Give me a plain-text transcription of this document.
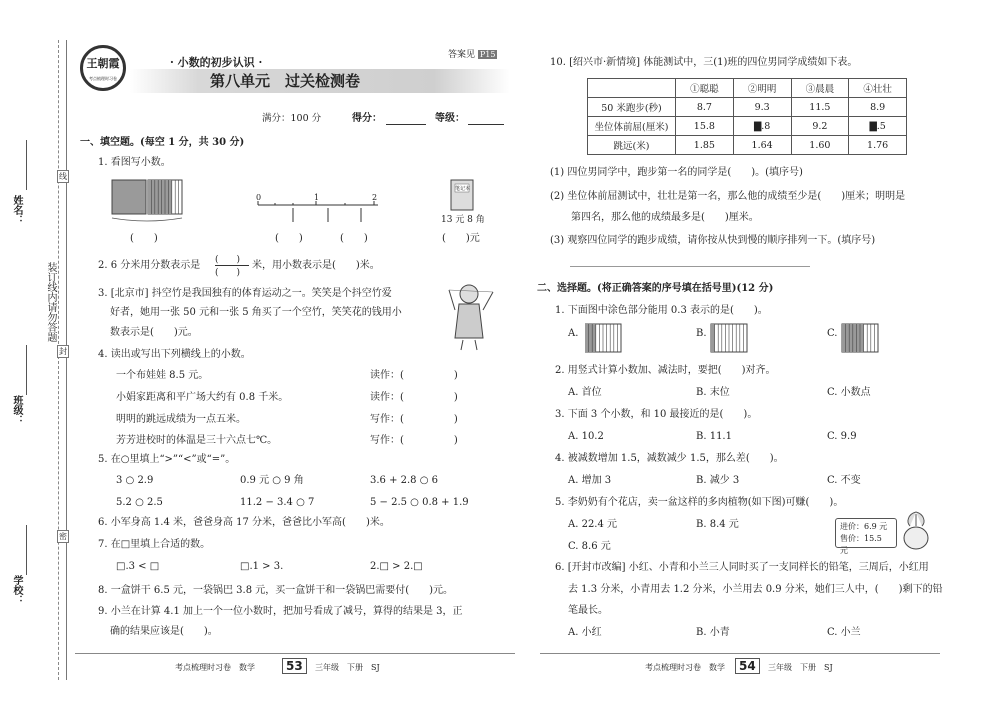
姓名：
班级：
学校：
装订线内请勿答题
线
封
密
王朝霞
考点梳理时习卷
· 小数的初步认识 ·
第八单元　过关检测卷
答案见 P15
满分：100 分	得分：	等级：
一、填空题。(每空 1 分，共 30 分)
1. 看图写小数。
0	1	2
笔记本
13 元 8 角
(　　)	(　　)	(　　)	(　　)元
2. 6 分米用分数表示是 (　　)
(　　)
米，用小数表示是(　　)米。
3. [北京市] 抖空竹是我国独有的体育运动之一。笑笑是个抖空竹爱
好者，她用一张 50 元和一张 5 角买了一个空竹，笑笑花的钱用小
数表示是(　　)元。
4. 读出或写出下列横线上的小数。
一个布娃娃 8.5 元。	读作：(　　　　　)
小娟家距离和平广场大约有 0.8 千米。	读作：(　　　　　)
明明的跳远成绩为一点五米。	写作：(　　　　　)
芳芳进校时的体温是三十六点七℃。	写作：(　　　　　)
5. 在○里填上“>”“<”或“=”。
3 ○ 2.9	0.9 元 ○ 9 角	3.6 + 2.8 ○ 6
5.2 ○ 2.5	11.2 − 3.4 ○ 7	5 − 2.5 ○ 0.8 + 1.9
6. 小军身高 1.4 米，爸爸身高 17 分米，爸爸比小军高(　　)米。
7. 在□里填上合适的数。
□.3 < □	□.1 > 3.	2.□ > 2.□
8. 一盒饼干 6.5 元，一袋锅巴 3.8 元，买一盒饼干和一袋锅巴需要付(　　)元。
9. 小兰在计算 4.1 加上一个一位小数时，把加号看成了减号，算得的结果是 3，正
确的结果应该是(　　)。
考点梳理时习卷　数学	53	三年级　下册　SJ
10. [绍兴市·新情境] 体能测试中，三(1)班的四位男同学成绩如下表。
	①聪聪	②明明	③晨晨	④壮壮
50 米跑步(秒)	8.7	9.3	11.5	8.9
坐位体前屈(厘米)	15.8	▇.8	9.2	▇.5
跳远(米)	1.85	1.64	1.60	1.76
(1) 四位男同学中，跑步第一名的同学是(　　)。(填序号)
(2) 坐位体前屈测试中，壮壮是第一名，那么他的成绩至少是(　　)厘米；明明是
第四名，那么他的成绩最多是(　　)厘米。
(3) 观察四位同学的跑步成绩，请你按从快到慢的顺序排列一下。(填序号)
二、选择题。(将正确答案的序号填在括号里)(12 分)
1. 下面图中涂色部分能用 0.3 表示的是(　　)。
A.	B.	C.
2. 用竖式计算小数加、减法时，要把(　　)对齐。
A. 首位	B. 末位	C. 小数点
3. 下面 3 个小数，和 10 最接近的是(　　)。
A. 10.2	B. 11.1	C. 9.9
4. 被减数增加 1.5，减数减少 1.5，那么差(　　)。
A. 增加 3	B. 减少 3	C. 不变
5. 李奶奶有个花店，卖一盆这样的多肉植物(如下图)可赚(　　)。
A. 22.4 元	B. 8.4 元
C. 8.6 元
进价：6.9 元
售价：15.5 元
6. [开封市改编] 小红、小青和小兰三人同时买了一支同样长的铅笔，三周后，小红用
去 1.3 分米，小青用去 1.2 分米，小兰用去 0.9 分米，她们三人中，(　　)剩下的铅
笔最长。
A. 小红	B. 小青	C. 小兰
考点梳理时习卷　数学	54	三年级　下册　SJ
